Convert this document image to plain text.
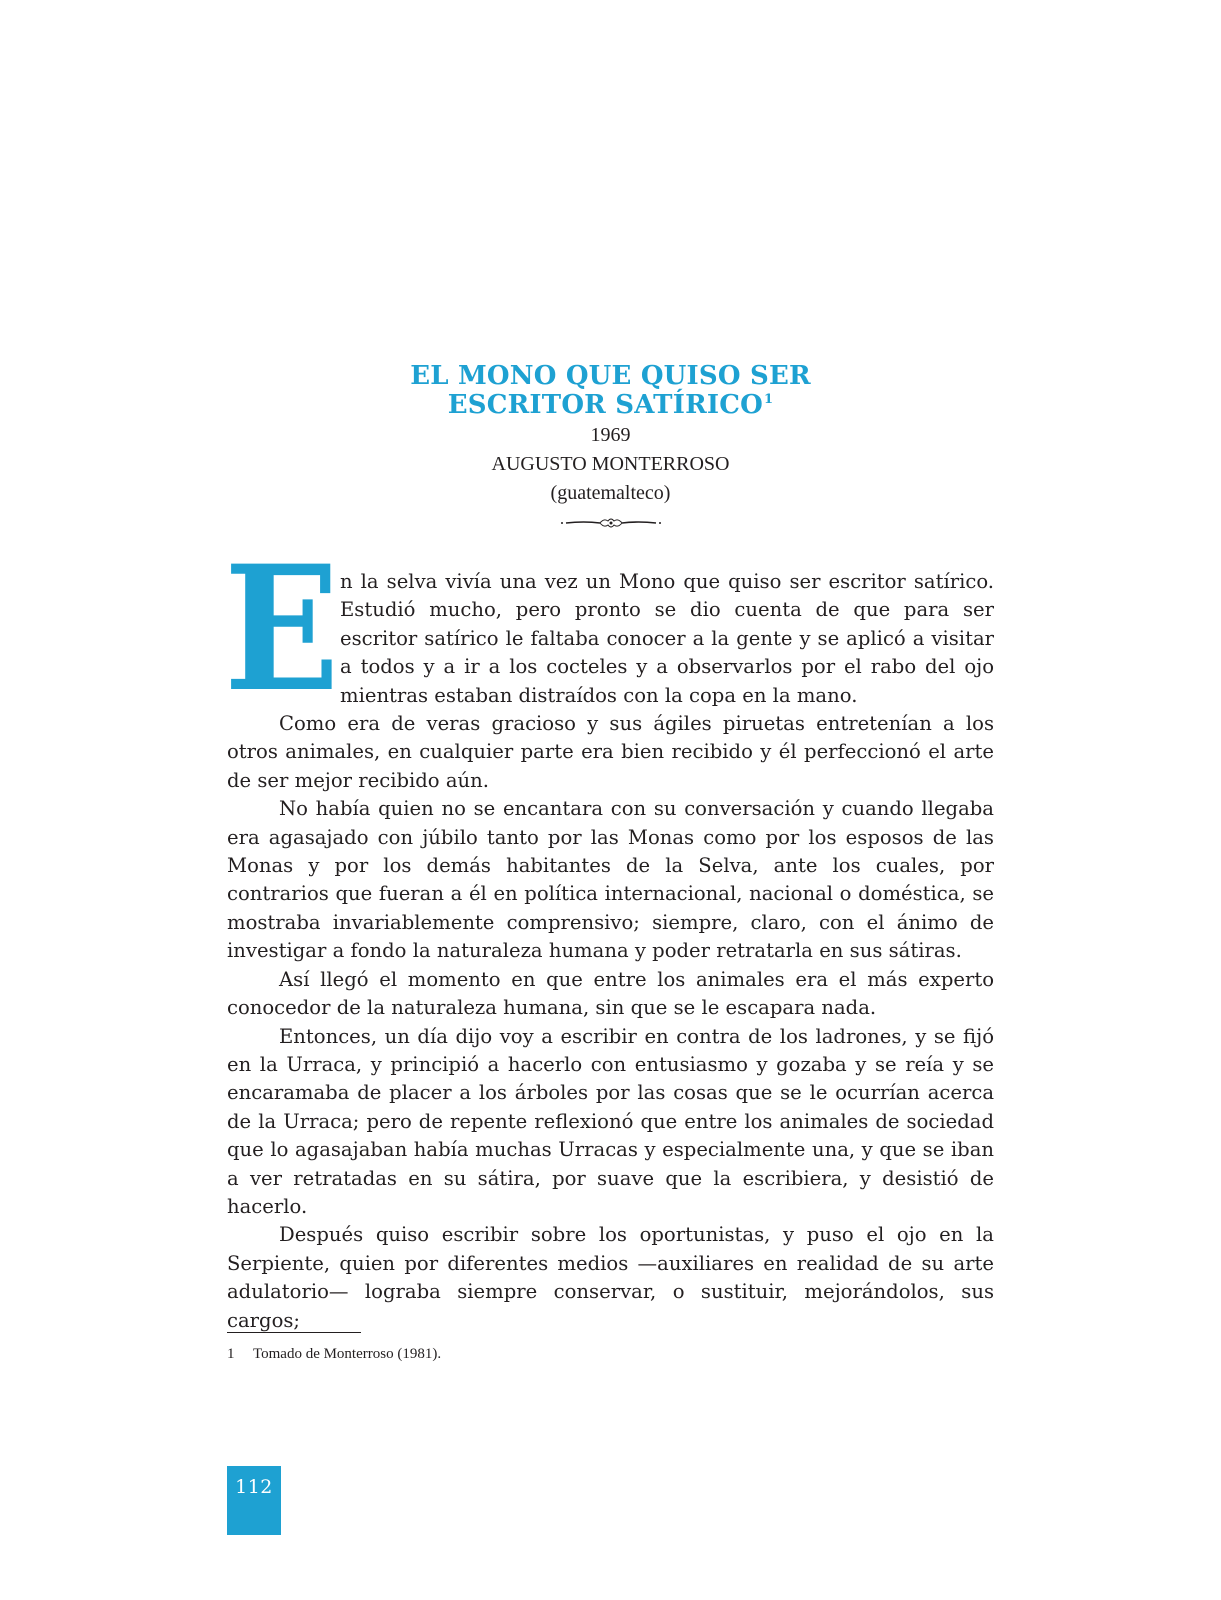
EL MONO QUE QUISO SER
ESCRITOR SATÍRICO$^1$
1969
AUGUSTO MONTERROSO
(guatemalteco)

En la selva vivía una vez un Mono que quiso ser escritor satírico. Estudió mucho, pero pronto se dio cuenta de que para ser escritor satírico le faltaba conocer a la gente y se aplicó a visitar a todos y a ir a los cocteles y a observarlos por el rabo del ojo mientras estaban distraídos con la copa en la mano.

Como era de veras gracioso y sus ágiles piruetas entretenían a los otros animales, en cualquier parte era bien recibido y él perfeccionó el arte de ser mejor recibido aún.

No había quien no se encantara con su conversación y cuando llegaba era agasajado con júbilo tanto por las Monas como por los esposos de las Monas y por los demás habitantes de la Selva, ante los cuales, por contrarios que fueran a él en política internacional, nacional o doméstica, se mostraba invariablemente comprensivo; siempre, claro, con el ánimo de investigar a fondo la naturaleza humana y poder retratarla en sus sátiras.

Así llegó el momento en que entre los animales era el más experto conocedor de la naturaleza humana, sin que se le escapara nada.

Entonces, un día dijo voy a escribir en contra de los ladrones, y se fijó en la Urraca, y principió a hacerlo con entusiasmo y gozaba y se reía y se encaramaba de placer a los árboles por las cosas que se le ocurrían acerca de la Urraca; pero de repente reflexionó que entre los animales de sociedad que lo agasajaban había muchas Urracas y especialmente una, y que se iban a ver retratadas en su sátira, por suave que la escribiera, y desistió de hacerlo.

Después quiso escribir sobre los oportunistas, y puso el ojo en la Serpiente, quien por diferentes medios —auxiliares en realidad de su arte adulatorio— lograba siempre conservar, o sustituir, mejorándolos, sus cargos;

1 Tomado de Monterroso (1981).
112
